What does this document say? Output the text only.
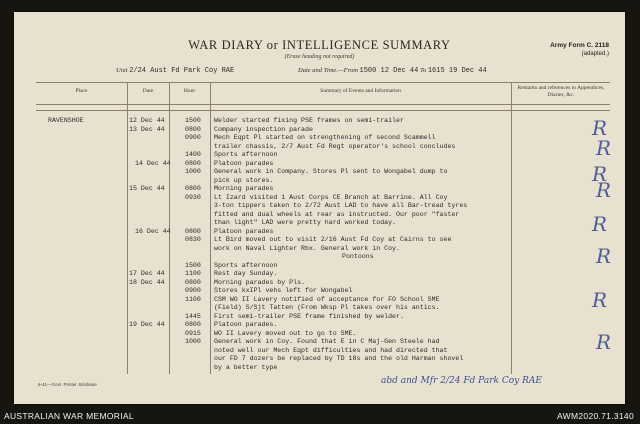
WAR DIARY or INTELLIGENCE SUMMARY
(Erase heading not required)
Army Form C. 2118
(adapted.)
Unit 2/24 Aust Fd Park Coy RAE	Date and Time.—From 1500 12 Dec 44 To 1615 19 Dec 44
Place	Date	Hour	Summary of Events and Information	Remarks and references to Appendices, Diaries, &c.
RAVENSHOE	12 Dec 44	1500 Welder started fixing PSE frames on semi-trailer
13 Dec 44	0800 Company inspection parade
0900 Mech Eqpt Pl started on strengthening of second Scammell
trailer chassis, 2/7 Aust Fd Regt operator's school concludes
1400 Sports afternoon
14 Dec 44 0800 Platoon parades
1000 General work in Company. Stores Pl sent to Wongabel dump to
pick up stores.
15 Dec 44	0800 Morning parades
0930 Lt Izard visited 1 Aust Corps CE Branch at Barrine. All Coy
3-ton tippers taken to 2/72 Aust LAD to have all Bar-tread tyres
fitted and dual wheels at rear as instructed. Our poor "faster
than light" LAD were pretty hard worked today.
16 Dec 44 0800 Platoon parades
0830 Lt Bird moved out to visit 2/16 Aust Fd Coy at Cairns to see
work on Naval Lighter Rbx. General work in Coy.
Pontoons
1500 Sports afternoon
17 Dec 44	1100 Rest day Sunday.
18 Dec 44	0800 Morning parades by Pls.
0900 Stores kxIPl vehs left for Wongabel
1100 CSM WO II Lavery notified of acceptance for FO School SME
(Field) S/Sjt Tatten (From Wksp Pl takes over his antics.
1445 First semi-trailer PSE frame finished by welder.
19 Dec 44	0800 Platoon parades.
0915 WO II Lavery moved out to go to SME.
1000 General work in Coy. Found that E in C Maj-Gen Steele had
noted well our Mech Eqpt difficulties and had directed that
our FD 7 dozers be replaced by TD 18s and the old Harman shovel
by a better type
R
R
R
R
R
R
R
R
6-41—Govt. Printer, Brisbane	abd and Mfr 2/24 Fd Park Coy RAE
AUSTRALIAN WAR MEMORIAL	AWM2020.71.3140
